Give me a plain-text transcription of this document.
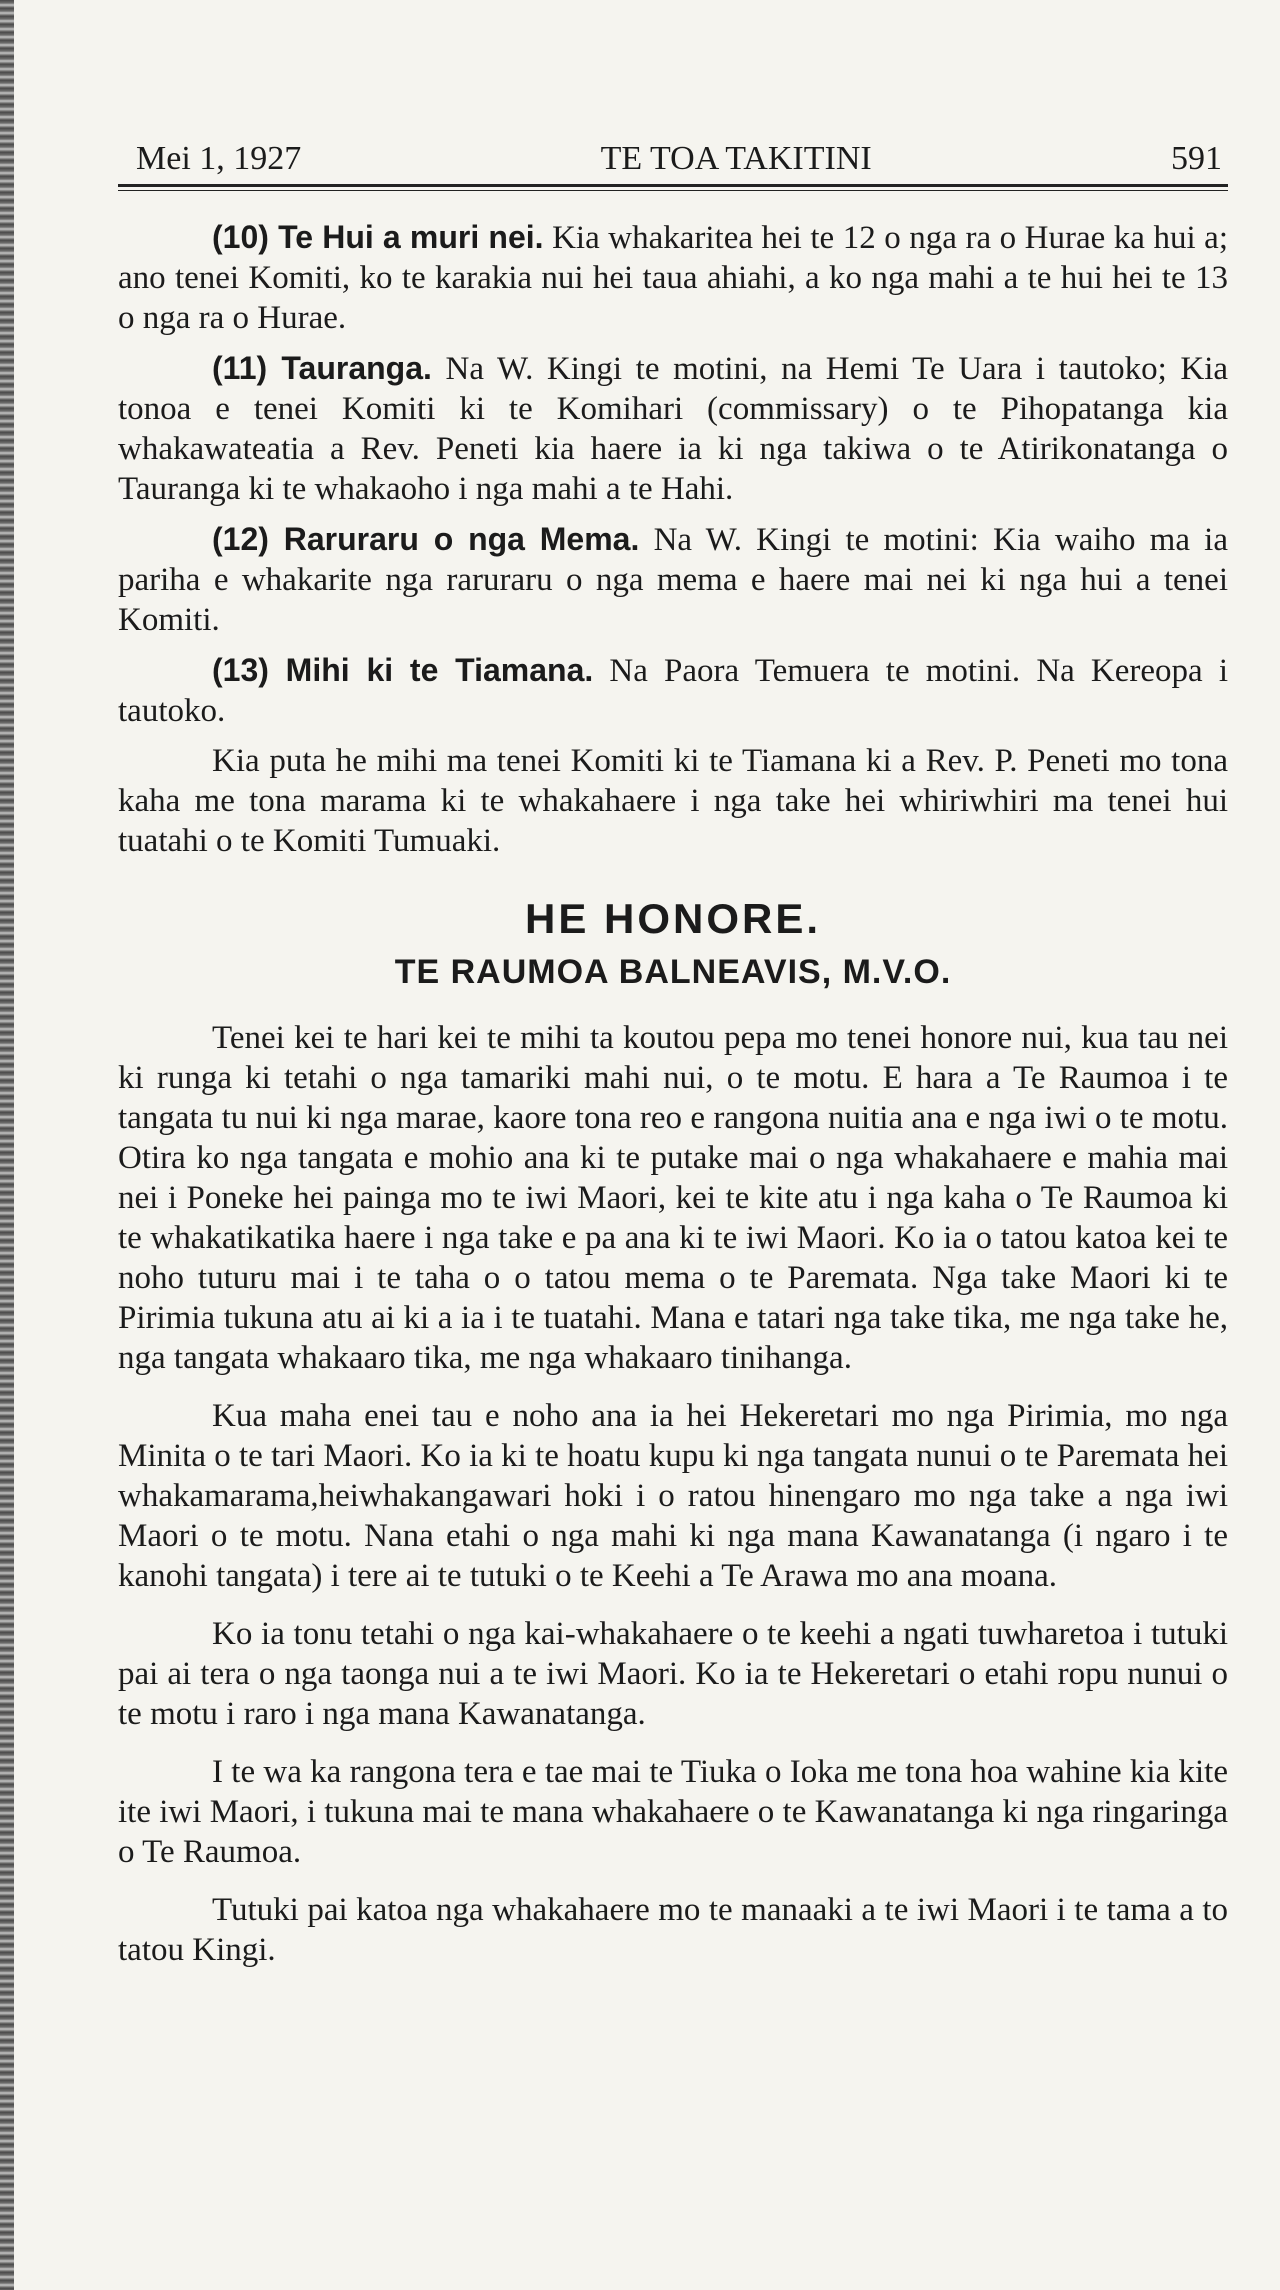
Mei 1, 1927	TE TOA TAKITINI	591

(10) Te Hui a muri nei. Kia whakaritea hei te 12 o nga ra o Hurae ka hui a; ano tenei Komiti, ko te karakia nui hei taua ahiahi, a ko nga mahi a te hui hei te 13 o nga ra o Hurae.

(11) Tauranga. Na W. Kingi te motini, na Hemi Te Uara i tautoko; Kia tonoa e tenei Komiti ki te Komihari (commissary) o te Pihopatanga kia whakawateatia a Rev. Peneti kia haere ia ki nga takiwa o te Atirikonatanga o Tauranga ki te whakaoho i nga mahi a te Hahi.

(12) Raruraru o nga Mema. Na W. Kingi te motini: Kia waiho ma ia pariha e whakarite nga raruraru o nga mema e haere mai nei ki nga hui a tenei Komiti.

(13) Mihi ki te Tiamana. Na Paora Temuera te motini. Na Kereopa i tautoko.

Kia puta he mihi ma tenei Komiti ki te Tiamana ki a Rev. P. Peneti mo tona kaha me tona marama ki te whakahaere i nga take hei whiriwhiri ma tenei hui tuatahi o te Komiti Tumuaki.

HE HONORE.
TE RAUMOA BALNEAVIS, M.V.O.

Tenei kei te hari kei te mihi ta koutou pepa mo tenei honore nui, kua tau nei ki runga ki tetahi o nga tamariki mahi nui, o te motu. E hara a Te Raumoa i te tangata tu nui ki nga marae, kaore tona reo e rangona nuitia ana e nga iwi o te motu. Otira ko nga tangata e mohio ana ki te putake mai o nga whakahaere e mahia mai nei i Poneke hei painga mo te iwi Maori, kei te kite atu i nga kaha o Te Raumoa ki te whakatikatika haere i nga take e pa ana ki te iwi Maori. Ko ia o tatou katoa kei te noho tuturu mai i te taha o o tatou mema o te Paremata. Nga take Maori ki te Pirimia tukuna atu ai ki a ia i te tuatahi. Mana e tatari nga take tika, me nga take he, nga tangata whakaaro tika, me nga whakaaro tinihanga.

Kua maha enei tau e noho ana ia hei Hekeretari mo nga Pirimia, mo nga Minita o te tari Maori. Ko ia ki te hoatu kupu ki nga tangata nunui o te Paremata hei whakamarama,heiwhakangawari hoki i o ratou hinengaro mo nga take a nga iwi Maori o te motu. Nana etahi o nga mahi ki nga mana Kawanatanga (i ngaro i te kanohi tangata) i tere ai te tutuki o te Keehi a Te Arawa mo ana moana.

Ko ia tonu tetahi o nga kai-whakahaere o te keehi a ngati tuwharetoa i tutuki pai ai tera o nga taonga nui a te iwi Maori. Ko ia te Hekeretari o etahi ropu nunui o te motu i raro i nga mana Kawanatanga.

I te wa ka rangona tera e tae mai te Tiuka o Ioka me tona hoa wahine kia kite ite iwi Maori, i tukuna mai te mana whakahaere o te Kawanatanga ki nga ringaringa o Te Raumoa.

Tutuki pai katoa nga whakahaere mo te manaaki a te iwi Maori i te tama a to tatou Kingi.
